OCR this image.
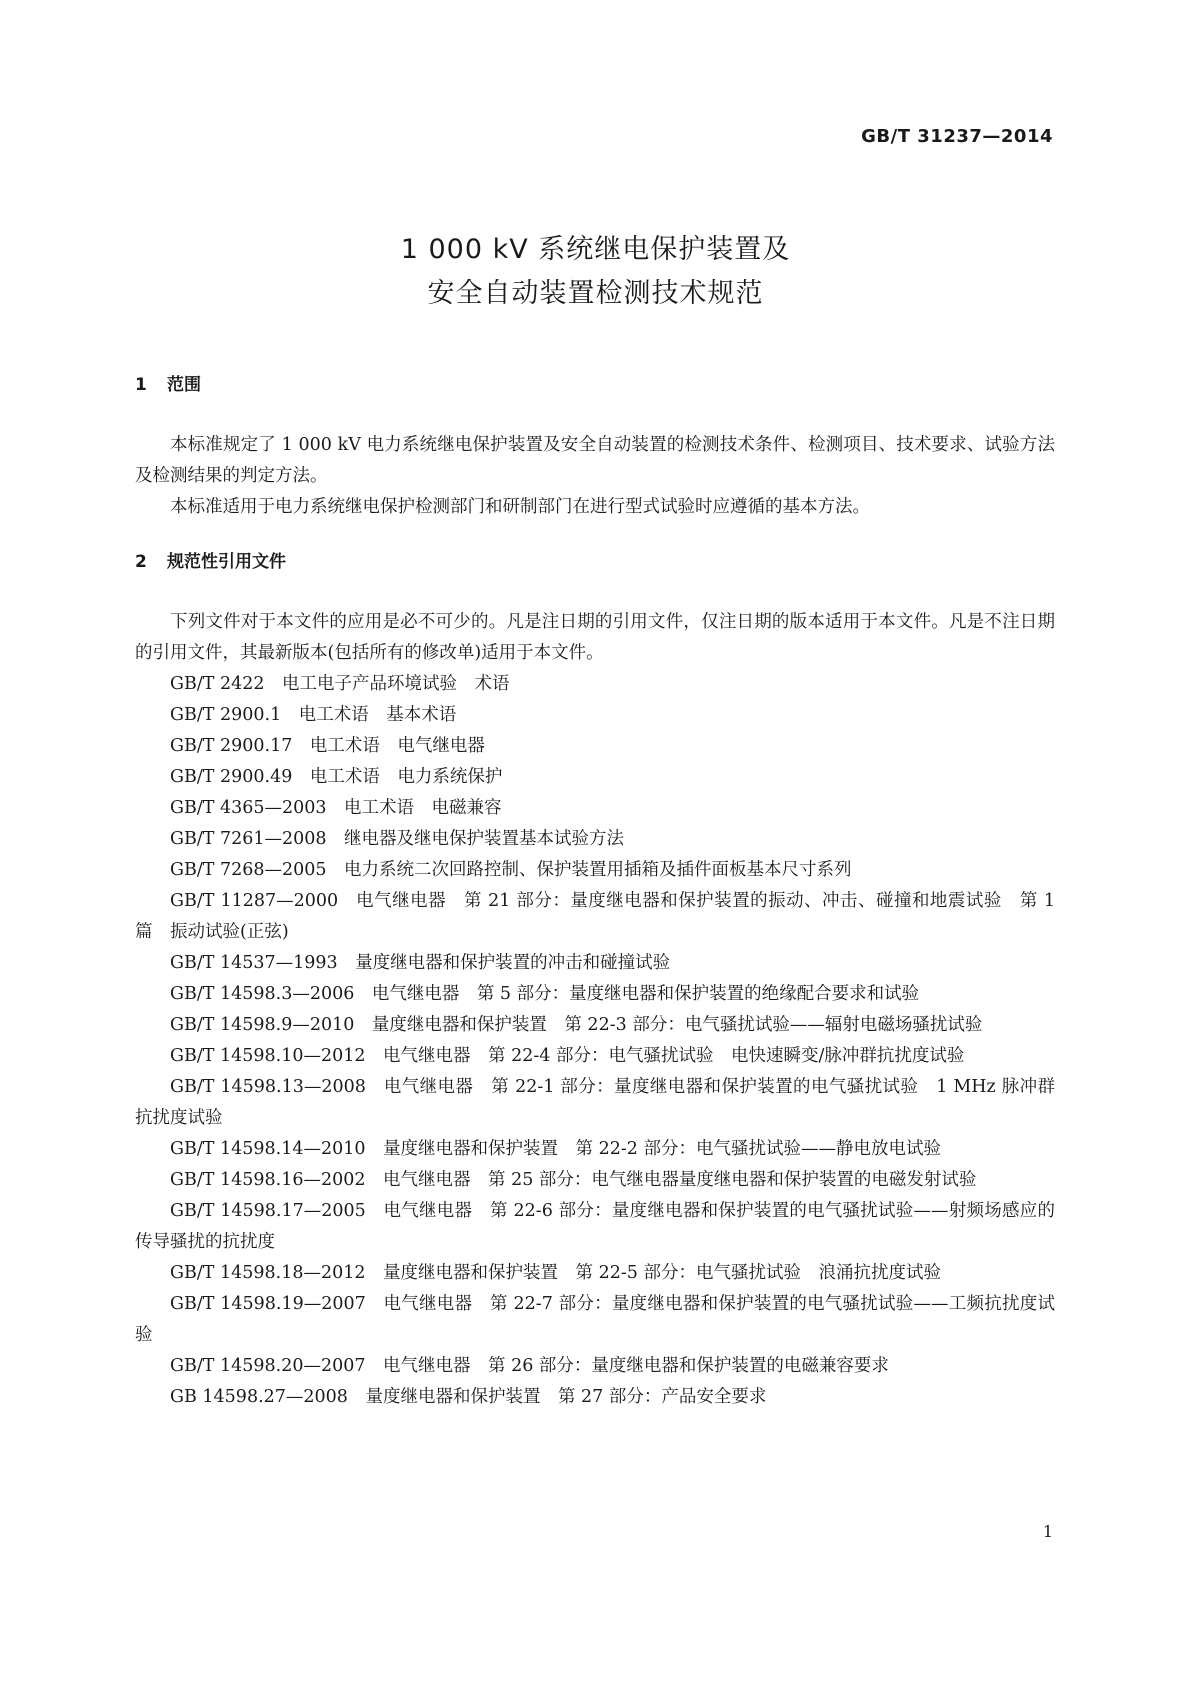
GB/T 31237—2014
1 000 kV 系统继电保护装置及
安全自动装置检测技术规范
1 范围
本标准规定了 1 000 kV 电力系统继电保护装置及安全自动装置的检测技术条件、检测项目、技术要求、试验方法及检测结果的判定方法。
本标准适用于电力系统继电保护检测部门和研制部门在进行型式试验时应遵循的基本方法。
2 规范性引用文件
下列文件对于本文件的应用是必不可少的。凡是注日期的引用文件，仅注日期的版本适用于本文件。凡是不注日期的引用文件，其最新版本(包括所有的修改单)适用于本文件。
GB/T 2422 电工电子产品环境试验　术语
GB/T 2900.1 电工术语　基本术语
GB/T 2900.17 电工术语　电气继电器
GB/T 2900.49 电工术语　电力系统保护
GB/T 4365—2003 电工术语　电磁兼容
GB/T 7261—2008 继电器及继电保护装置基本试验方法
GB/T 7268—2005 电力系统二次回路控制、保护装置用插箱及插件面板基本尺寸系列
GB/T 11287—2000 电气继电器　第 21 部分：量度继电器和保护装置的振动、冲击、碰撞和地震试验　第 1 篇　振动试验(正弦)
GB/T 14537—1993 量度继电器和保护装置的冲击和碰撞试验
GB/T 14598.3—2006 电气继电器　第 5 部分：量度继电器和保护装置的绝缘配合要求和试验
GB/T 14598.9—2010 量度继电器和保护装置　第 22-3 部分：电气骚扰试验——辐射电磁场骚扰试验
GB/T 14598.10—2012 电气继电器　第 22-4 部分：电气骚扰试验　电快速瞬变/脉冲群抗扰度试验
GB/T 14598.13—2008 电气继电器　第 22-1 部分：量度继电器和保护装置的电气骚扰试验　1 MHz 脉冲群抗扰度试验
GB/T 14598.14—2010 量度继电器和保护装置　第 22-2 部分：电气骚扰试验——静电放电试验
GB/T 14598.16—2002 电气继电器　第 25 部分：电气继电器量度继电器和保护装置的电磁发射试验
GB/T 14598.17—2005 电气继电器　第 22-6 部分：量度继电器和保护装置的电气骚扰试验——射频场感应的传导骚扰的抗扰度
GB/T 14598.18—2012 量度继电器和保护装置　第 22-5 部分：电气骚扰试验　浪涌抗扰度试验
GB/T 14598.19—2007 电气继电器　第 22-7 部分：量度继电器和保护装置的电气骚扰试验——工频抗扰度试验
GB/T 14598.20—2007 电气继电器　第 26 部分：量度继电器和保护装置的电磁兼容要求
GB 14598.27—2008 量度继电器和保护装置　第 27 部分：产品安全要求
1
